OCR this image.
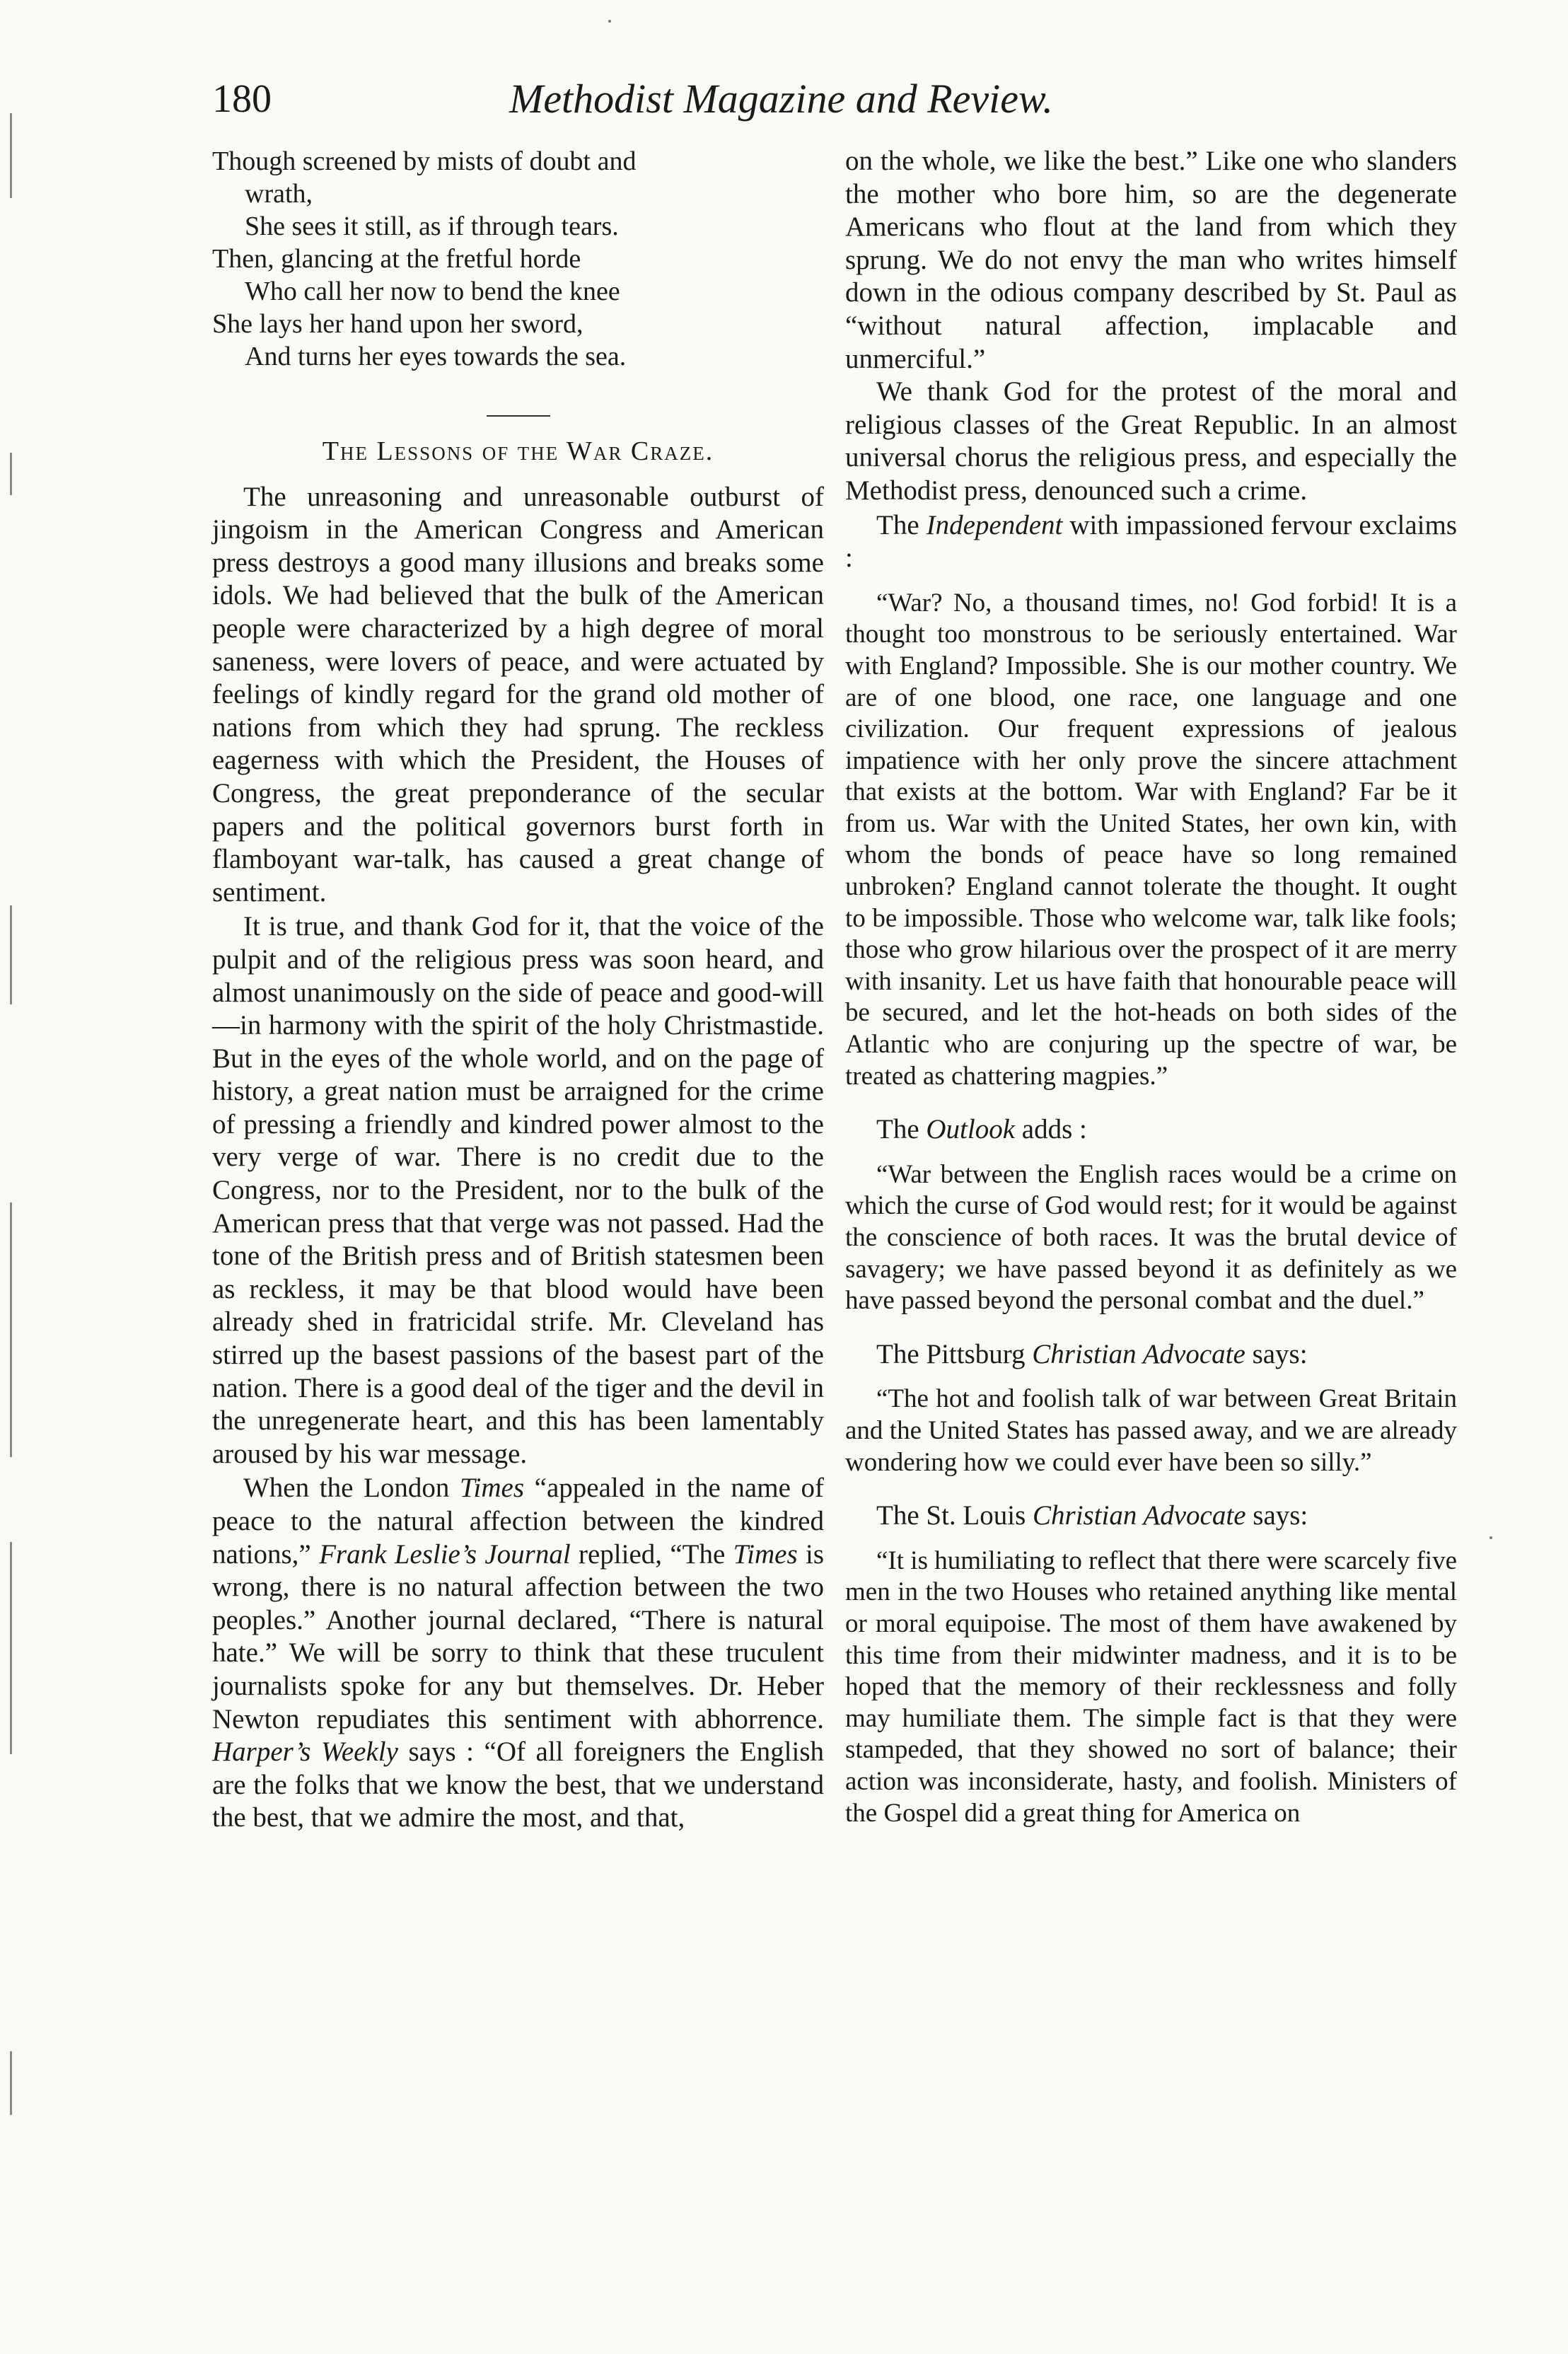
180	Methodist Magazine and Review.
Though screened by mists of doubt and
wrath,
She sees it still, as if through tears.
Then, glancing at the fretful horde
Who call her now to bend the knee
She lays her hand upon her sword,
And turns her eyes towards the sea.
The Lessons of the War Craze.

The unreasoning and unreasonable outburst of jingoism in the American Congress and American press destroys a good many illusions and breaks some idols. We had believed that the bulk of the American people were characterized by a high degree of moral saneness, were lovers of peace, and were actuated by feelings of kindly regard for the grand old mother of nations from which they had sprung. The reckless eagerness with which the President, the Houses of Congress, the great preponderance of the secular papers and the political governors burst forth in flamboyant war-talk, has caused a great change of sentiment.

It is true, and thank God for it, that the voice of the pulpit and of the religious press was soon heard, and almost unanimously on the side of peace and good-will—in harmony with the spirit of the holy Christmastide. But in the eyes of the whole world, and on the page of history, a great nation must be arraigned for the crime of pressing a friendly and kindred power almost to the very verge of war. There is no credit due to the Congress, nor to the President, nor to the bulk of the American press that that verge was not passed. Had the tone of the British press and of British statesmen been as reckless, it may be that blood would have been already shed in fratricidal strife. Mr. Cleveland has stirred up the basest passions of the basest part of the nation. There is a good deal of the tiger and the devil in the unregenerate heart, and this has been lamentably aroused by his war message.

When the London Times “appealed in the name of peace to the natural affection between the kindred nations,” Frank Leslie’s Journal replied, “The Times is wrong, there is no natural affection between the two peoples.” Another journal declared, “There is natural hate.” We will be sorry to think that these truculent journalists spoke for any but themselves. Dr. Heber Newton repudiates this sentiment with abhorrence. Harper’s Weekly says : “Of all foreigners the English are the folks that we know the best, that we understand the best, that we admire the most, and that,

on the whole, we like the best.” Like one who slanders the mother who bore him, so are the degenerate Americans who flout at the land from which they sprung. We do not envy the man who writes himself down in the odious company described by St. Paul as “without natural affection, implacable and unmerciful.”

We thank God for the protest of the moral and religious classes of the Great Republic. In an almost universal chorus the religious press, and especially the Methodist press, denounced such a crime.

The Independent with impassioned fervour exclaims :

“War? No, a thousand times, no! God forbid! It is a thought too monstrous to be seriously entertained. War with England? Impossible. She is our mother country. We are of one blood, one race, one language and one civilization. Our frequent expressions of jealous impatience with her only prove the sincere attachment that exists at the bottom. War with England? Far be it from us. War with the United States, her own kin, with whom the bonds of peace have so long remained unbroken? England cannot tolerate the thought. It ought to be impossible. Those who welcome war, talk like fools; those who grow hilarious over the prospect of it are merry with insanity. Let us have faith that honourable peace will be secured, and let the hot-heads on both sides of the Atlantic who are conjuring up the spectre of war, be treated as chattering magpies.”

The Outlook adds :

“War between the English races would be a crime on which the curse of God would rest; for it would be against the conscience of both races. It was the brutal device of savagery; we have passed beyond it as definitely as we have passed beyond the personal combat and the duel.”

The Pittsburg Christian Advocate says:

“The hot and foolish talk of war between Great Britain and the United States has passed away, and we are already wondering how we could ever have been so silly.”

The St. Louis Christian Advocate says:

“It is humiliating to reflect that there were scarcely five men in the two Houses who retained anything like mental or moral equipoise. The most of them have awakened by this time from their midwinter madness, and it is to be hoped that the memory of their recklessness and folly may humiliate them. The simple fact is that they were stampeded, that they showed no sort of balance; their action was inconsiderate, hasty, and foolish. Ministers of the Gospel did a great thing for America on
